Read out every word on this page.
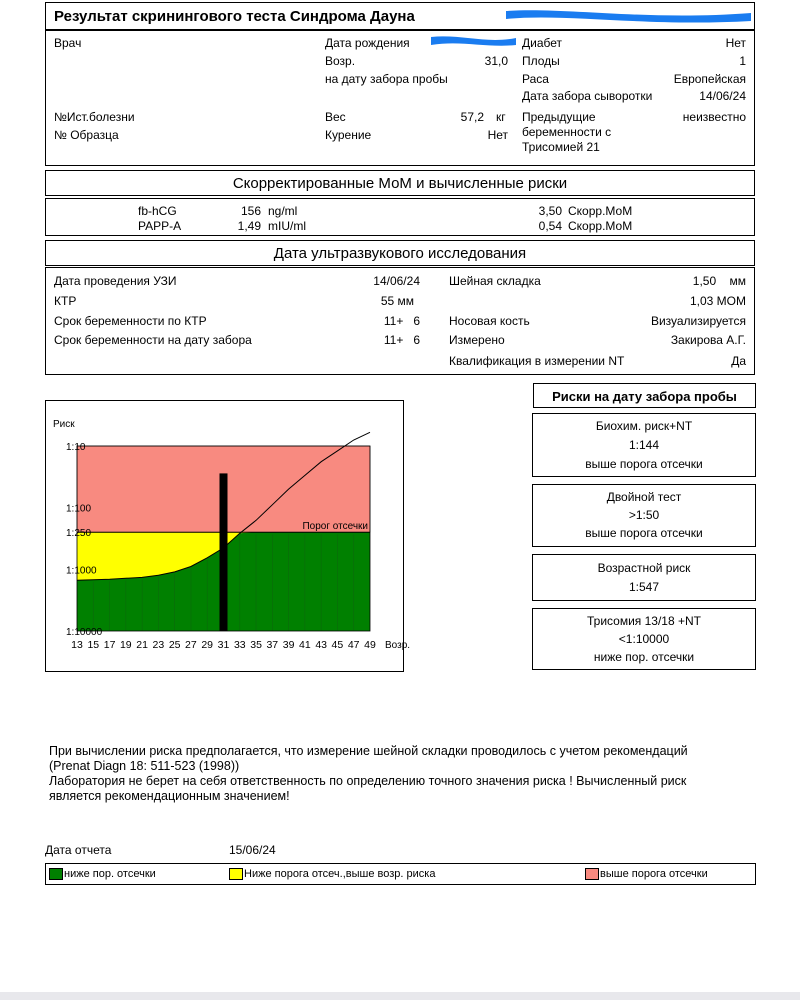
Результат скринингового теста Синдрома Дауна
Врач	Дата рождения
Возр.	31,0
на дату забора пробы
Диабет	Нет
Плоды	1
Раса	Европейская
Дата забора сыворотки	14/06/24
№Ист.болезни
№ Образца
Вес	57,2 кг
Курение	Нет
Предыдущие
беременности с
Трисомией 21
неизвестно
Скорректированные МоМ и вычисленные риски
fb-hCG	156 ng/ml	3,50 Скорр.МоМ
PAPP-A	1,49 mIU/ml	0,54 Скорр.МоМ
Дата ультразвукового исследования
Дата проведения УЗИ	14/06/24
КТР	55 мм
Срок беременности по КТР	11+   6
Срок беременности на дату забора	11+   6
Шейная складка	1,50    мм
1,03 MOM
Носовая кость	Визуализируется
Измерено	Закирова А.Г.
Квалификация в измерении NT	Да
Порог отсечки
Риск
1:10
1:100
1:250
1:1000
1:10000
13 15 17 19 21 23 25 27 29 31 33 35 37 39 41 43 45 47 49 Возр.
Риски на дату забора пробы
Биохим. риск+NT
1:144
выше порога отсечки
Двойной тест
>1:50
выше порога отсечки
Возрастной риск
1:547
Трисомия 13/18 +NT
<1:10000
ниже пор. отсечки
При вычислении риска предполагается, что измерение шейной складки проводилось с учетом рекомендаций
(Prenat Diagn 18: 511-523 (1998))
Лаборатория не берет на себя ответственность по определению точного значения риска ! Вычисленный риск
является рекомендационным значением!
Дата отчета	15/06/24
ниже пор. отсечки	Ниже порога отсеч.,выше возр. риска	выше порога отсечки
